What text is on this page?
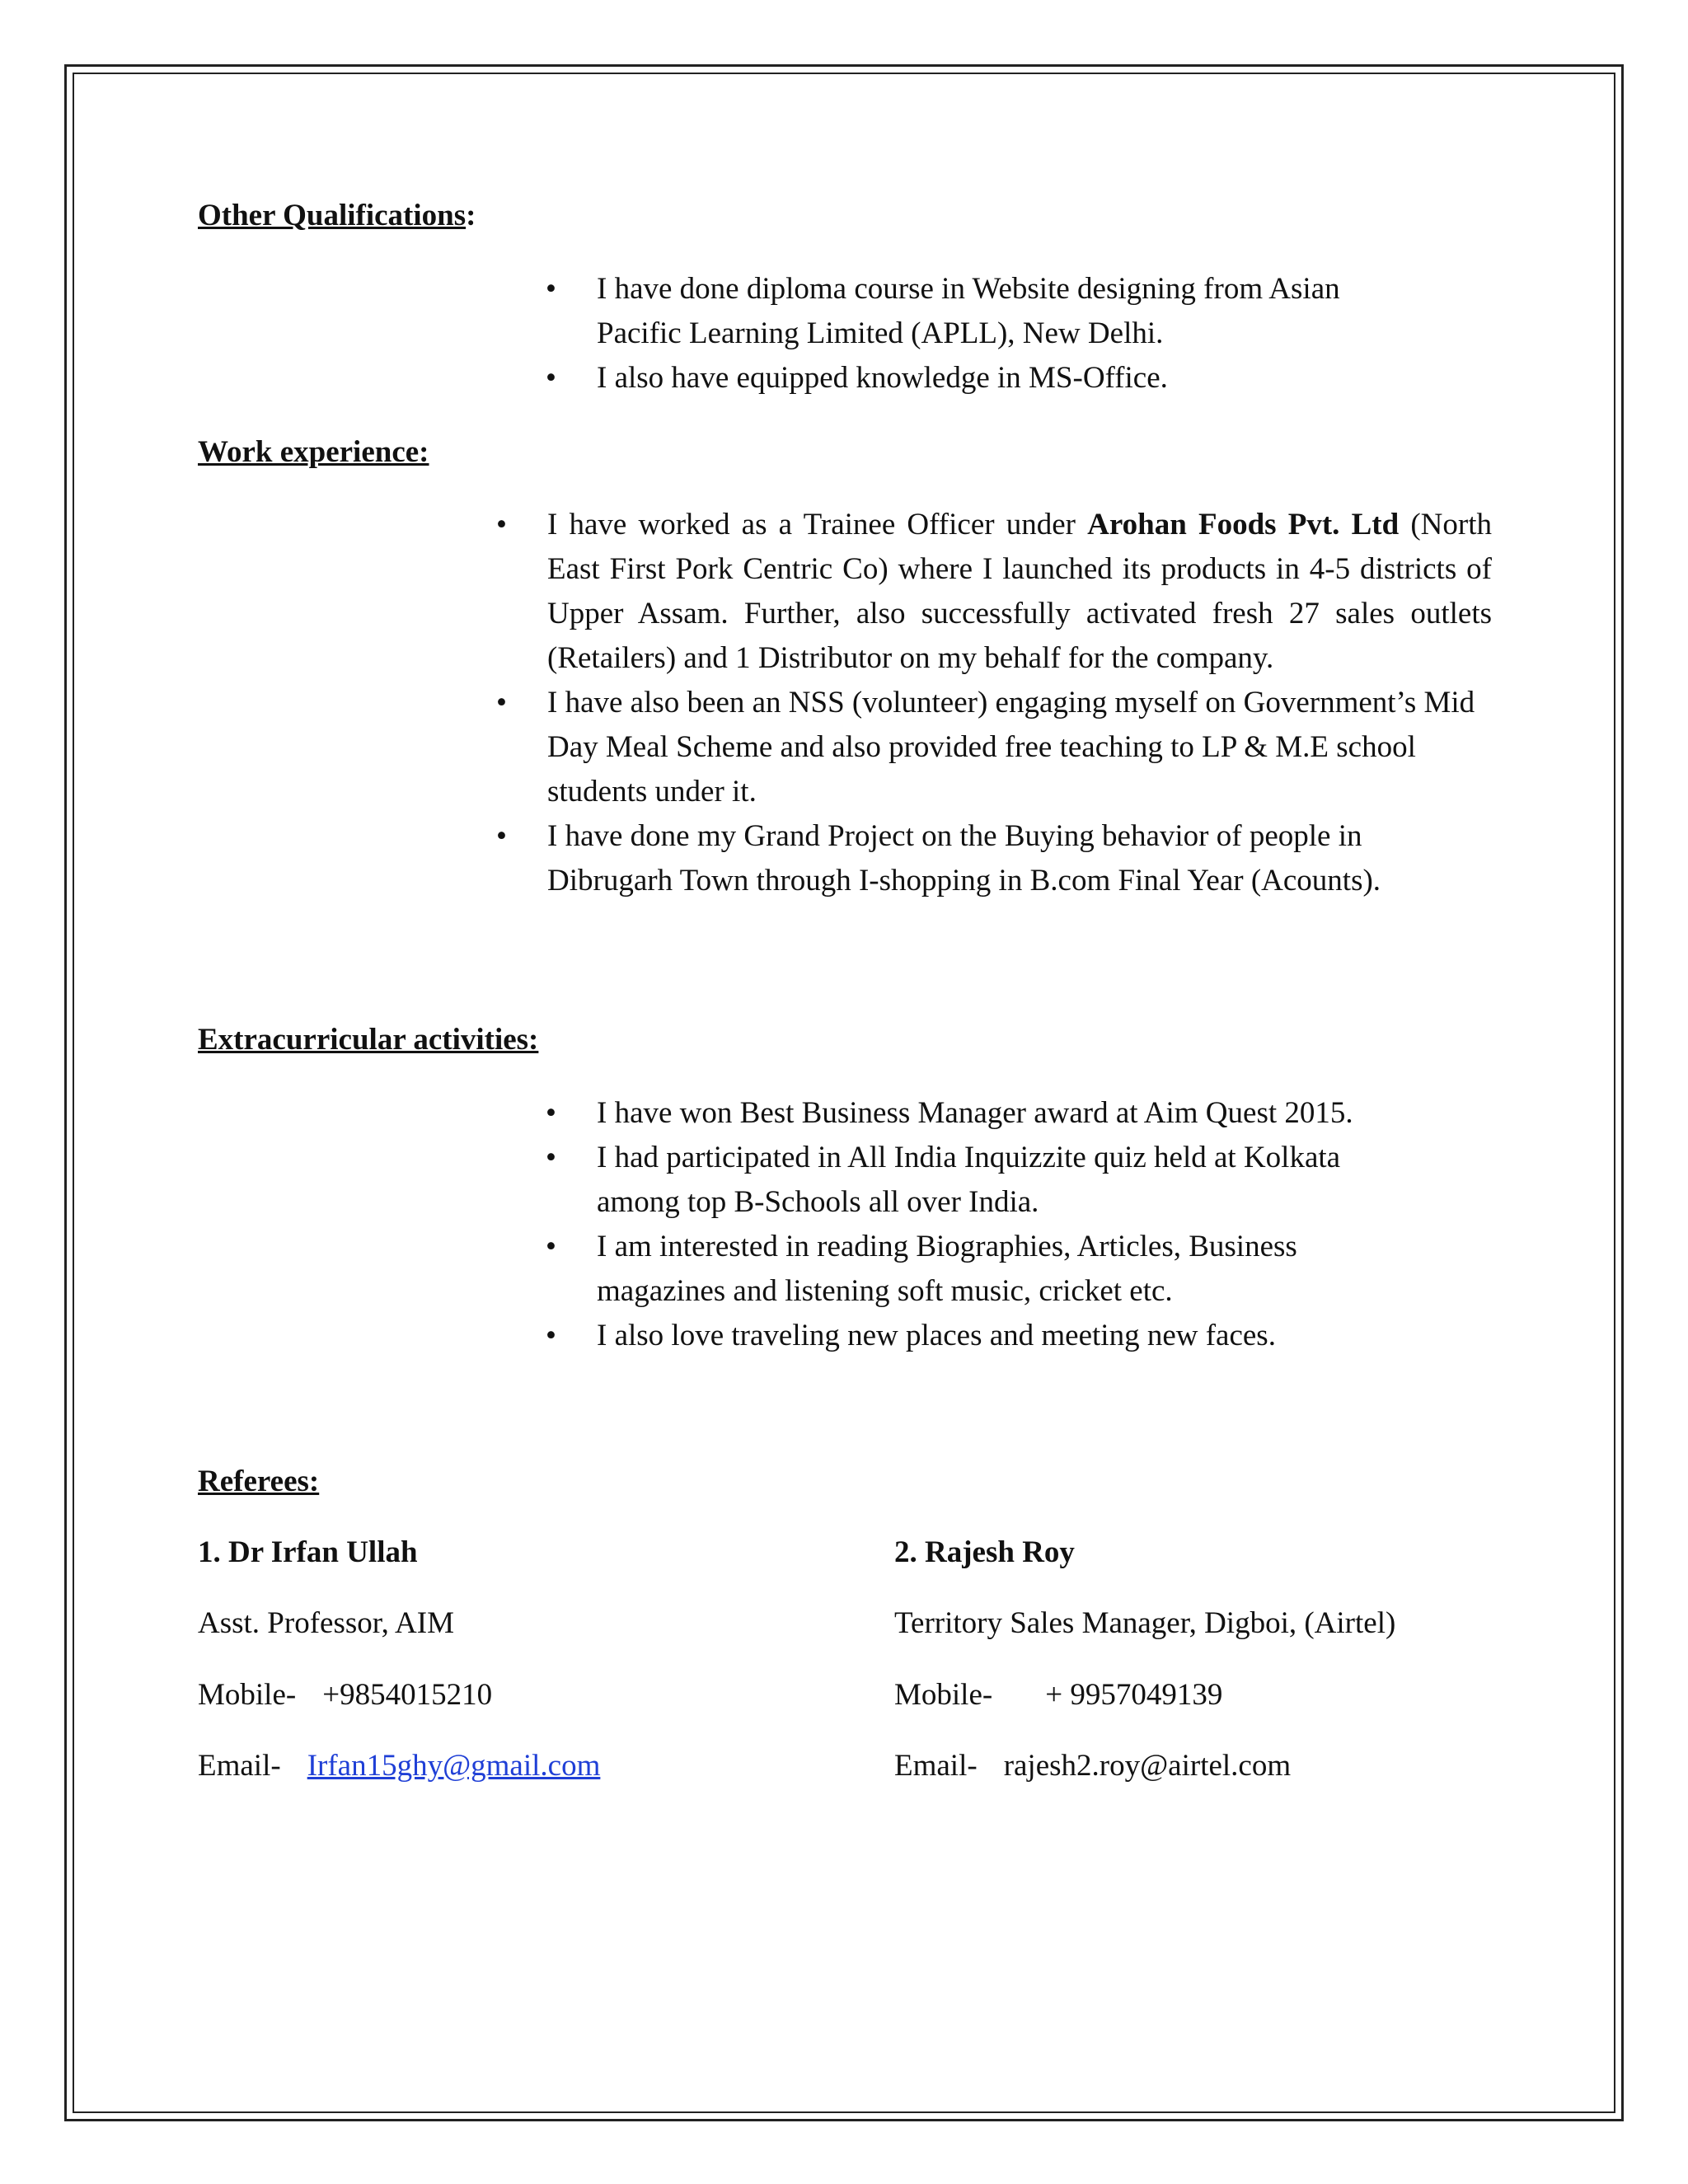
Other Qualifications:
• I have done diploma course in Website designing from Asian Pacific Learning Limited (APLL), New Delhi.
• I also have equipped knowledge in MS-Office.
Work experience:
• I have worked as a Trainee Officer under Arohan Foods Pvt. Ltd (North East First Pork Centric Co) where I launched its products in 4-5 districts of Upper Assam. Further, also successfully activated fresh 27 sales outlets (Retailers) and 1 Distributor on my behalf for the company.
• I have also been an NSS (volunteer) engaging myself on Government’s Mid Day Meal Scheme and also provided free teaching to LP & M.E school students under it.
• I have done my Grand Project on the Buying behavior of people in Dibrugarh Town through I-shopping in B.com Final Year (Acounts).
Extracurricular activities:
• I have won Best Business Manager award at Aim Quest 2015.
• I had participated in All India Inquizzite quiz held at Kolkata among top B-Schools all over India.
• I am interested in reading Biographies, Articles, Business magazines and listening soft music, cricket etc.
• I also love traveling new places and meeting new faces.
Referees:
1. Dr Irfan Ullah
Asst. Professor, AIM
Mobile- +9854015210
Email- Irfan15ghy@gmail.com
2. Rajesh Roy
Territory Sales Manager, Digboi, (Airtel)
Mobile- + 9957049139
Email- rajesh2.roy@airtel.com
